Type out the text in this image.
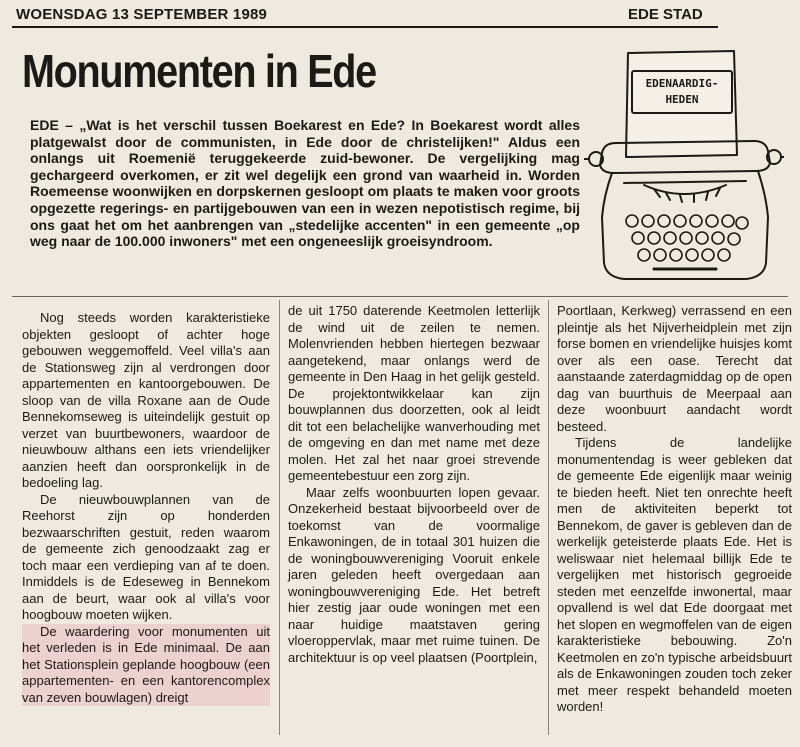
WOENSDAG 13 SEPTEMBER 1989	EDE STAD
Monumenten in Ede
EDE – „Wat is het verschil tussen Boekarest en Ede? In Boekarest wordt alles platgewalst door de communisten, in Ede door de christelijken!" Aldus een onlangs uit Roemenië teruggekeerde zuid-bewoner. De vergelijking mag gechargeerd overkomen, er zit wel degelijk een grond van waarheid in. Worden Roemeense woonwijken en dorpskernen gesloopt om plaats te maken voor groots opgezette regerings- en partijgebouwen van een in wezen nepotistisch regime, bij ons gaat het om het aanbrengen van „stedelijke accenten" in een gemeente „op weg naar de 100.000 inwoners" met een ongeneeslijk groeisyndroom.
EDENAARDIG-
HEDEN

Nog steeds worden karakteristieke objekten gesloopt of achter hoge gebouwen weggemoffeld. Veel villa's aan de Stationsweg zijn al verdrongen door appartementen en kantoorgebouwen. De sloop van de villa Roxane aan de Oude Bennekomseweg is uiteindelijk gestuit op verzet van buurtbewoners, waardoor de nieuwbouw althans een iets vriendelijker aanzien heeft dan oorspronkelijk in de bedoeling lag.

De nieuwbouwplannen van de Reehorst zijn op honderden bezwaarschriften gestuit, reden waarom de gemeente zich genoodzaakt zag er toch maar een verdieping van af te doen. Inmiddels is de Edeseweg in Bennekom aan de beurt, waar ook al villa's voor hoogbouw moeten wijken.

De waardering voor monumenten uit het verleden is in Ede minimaal. De aan het Stationsplein geplande hoogbouw (een appartementen- en een kantorencomplex van zeven bouwlagen) dreigt

de uit 1750 daterende Keetmolen letterlijk de wind uit de zeilen te nemen. Molenvrienden hebben hiertegen bezwaar aangetekend, maar onlangs werd de gemeente in Den Haag in het gelijk gesteld. De projektontwikkelaar kan zijn bouwplannen dus doorzetten, ook al leidt dit tot een belachelijke wanverhouding met de omgeving en dan met name met deze molen. Het zal het naar groei strevende gemeentebestuur een zorg zijn.

Maar zelfs woonbuurten lopen gevaar. Onzekerheid bestaat bijvoorbeeld over de toekomst van de voormalige Enkawoningen, de in totaal 301 huizen die de woningbouwvereniging Vooruit enkele jaren geleden heeft overgedaan aan woningbouwvereniging Ede. Het betreft hier zestig jaar oude woningen met een naar huidige maatstaven gering vloeroppervlak, maar met ruime tuinen. De architektuur is op veel plaatsen (Poortplein,

Poortlaan, Kerkweg) verrassend en een pleintje als het Nijverheidplein met zijn forse bomen en vriendelijke huisjes komt over als een oase. Terecht dat aanstaande zaterdagmiddag op de open dag van buurthuis de Meerpaal aan deze woonbuurt aandacht wordt besteed.

Tijdens de landelijke monumentendag is weer gebleken dat de gemeente Ede eigenlijk maar weinig te bieden heeft. Niet ten onrechte heeft men de aktiviteiten beperkt tot Bennekom, de gaver is gebleven dan de werkelijk geteisterde plaats Ede. Het is weliswaar niet helemaal billijk Ede te vergelijken met historisch gegroeide steden met eenzelfde inwonertal, maar opvallend is wel dat Ede doorgaat met het slopen en wegmoffelen van de eigen karakteristieke bebouwing. Zo'n Keetmolen en zo'n typische arbeidsbuurt als de Enkawoningen zouden toch zeker met meer respekt behandeld moeten worden!
